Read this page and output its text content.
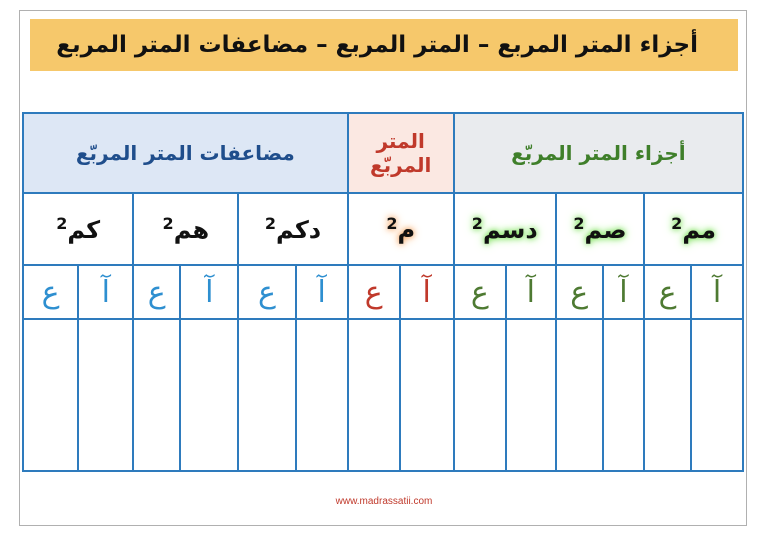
أجزاء المتر المربع – المتر المربع – مضاعفات المتر المربع
أجزاء المتر المربّع						المتر المربّع		مضاعفات المتر المربّع					
مم$^2$		صم$^2$		دسم$^2$		م$^2$		دكم$^2$		هم$^2$		كم$^2$
آ	ع	آ	ع	آ	ع	آ	ع	آ	ع	آ	ع	آ	ع

www.madrassatii.com
